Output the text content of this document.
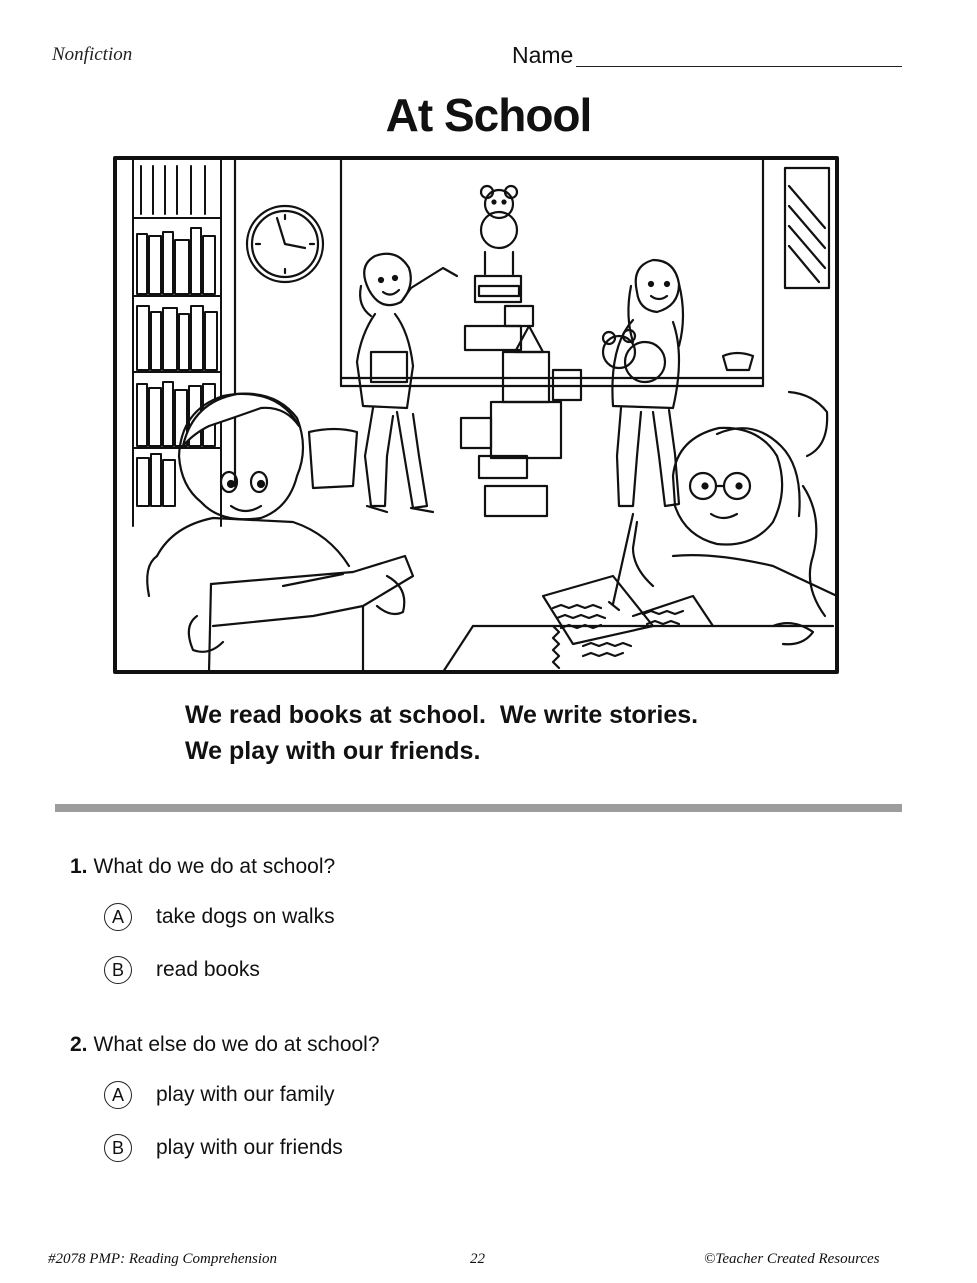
Nonfiction	Name
At School
We read books at school.  We write stories.
We play with our friends.
1. What do we do at school?
A	take dogs on walks
B	read books
2. What else do we do at school?
A	play with our family
B	play with our friends
#2078 PMP: Reading Comprehension	22	©Teacher Created Resources
